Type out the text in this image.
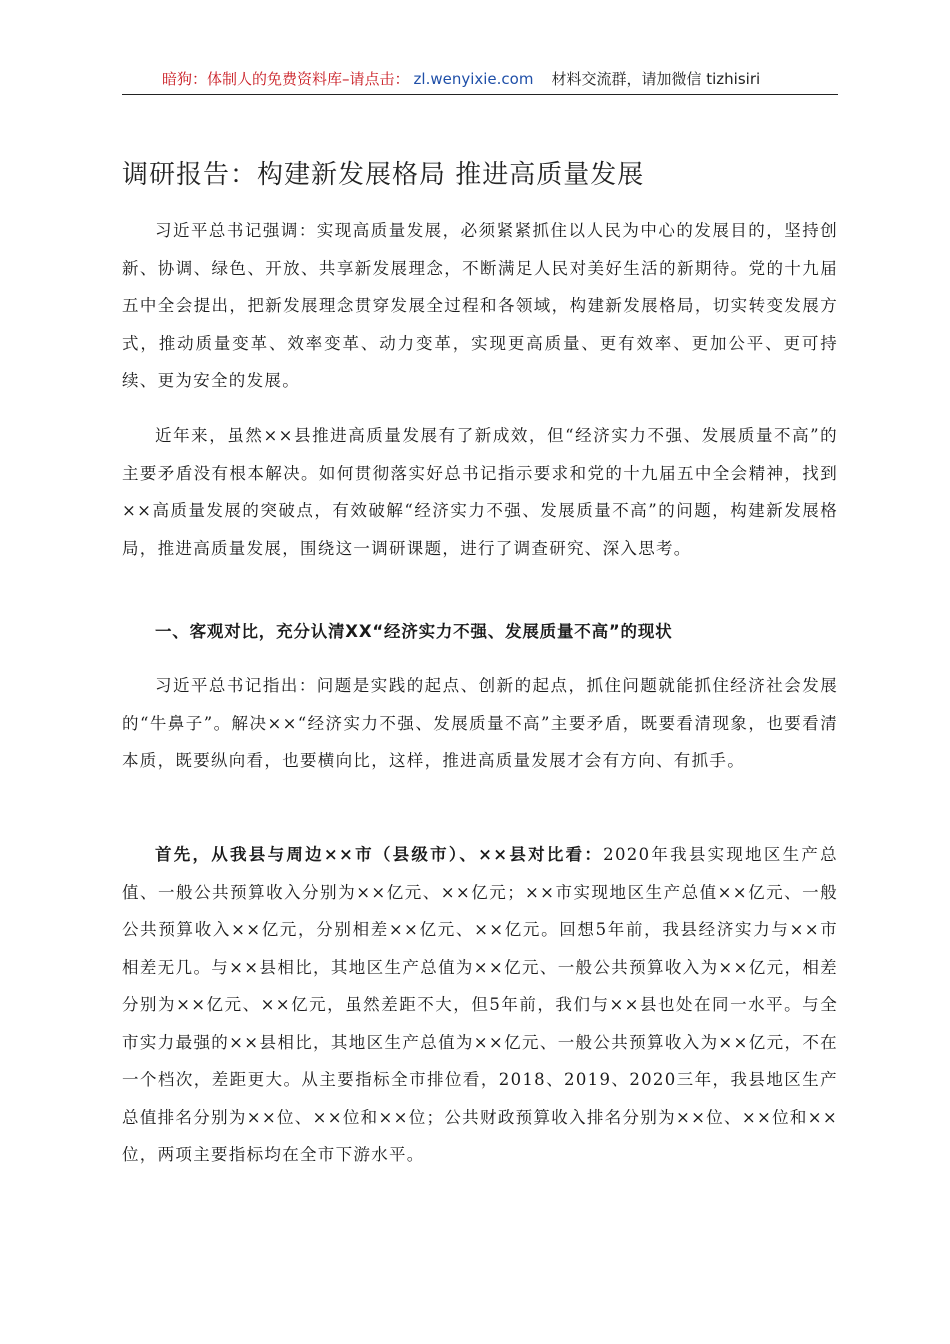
暗狗：体制人的免费资料库–请点击： zl.wenyixie.com 材料交流群，请加微信 tizhisiri
调研报告：构建新发展格局 推进高质量发展

习近平总书记强调：实现高质量发展，必须紧紧抓住以人民为中心的发展目的，坚持创新、协调、绿色、开放、共享新发展理念，不断满足人民对美好生活的新期待。党的十九届五中全会提出，把新发展理念贯穿发展全过程和各领域，构建新发展格局，切实转变发展方式，推动质量变革、效率变革、动力变革，实现更高质量、更有效率、更加公平、更可持续、更为安全的发展。

近年来，虽然××县推进高质量发展有了新成效，但“经济实力不强、发展质量不高”的主要矛盾没有根本解决。如何贯彻落实好总书记指示要求和党的十九届五中全会精神，找到××高质量发展的突破点，有效破解“经济实力不强、发展质量不高”的问题，构建新发展格局，推进高质量发展，围绕这一调研课题，进行了调查研究、深入思考。

一、客观对比，充分认清XX“经济实力不强、发展质量不高”的现状

习近平总书记指出：问题是实践的起点、创新的起点，抓住问题就能抓住经济社会发展的“牛鼻子”。解决××“经济实力不强、发展质量不高”主要矛盾，既要看清现象，也要看清本质，既要纵向看，也要横向比，这样，推进高质量发展才会有方向、有抓手。

首先，从我县与周边××市（县级市）、××县对比看：2020年我县实现地区生产总值、一般公共预算收入分别为××亿元、××亿元；××市实现地区生产总值××亿元、一般公共预算收入××亿元，分别相差××亿元、××亿元。回想5年前，我县经济实力与××市相差无几。与××县相比，其地区生产总值为××亿元、一般公共预算收入为××亿元，相差分别为××亿元、××亿元，虽然差距不大，但5年前，我们与××县也处在同一水平。与全市实力最强的××县相比，其地区生产总值为××亿元、一般公共预算收入为××亿元，不在一个档次，差距更大。从主要指标全市排位看，2018、2019、2020三年，我县地区生产总值排名分别为××位、××位和××位；公共财政预算收入排名分别为××位、××位和××位，两项主要指标均在全市下游水平。
